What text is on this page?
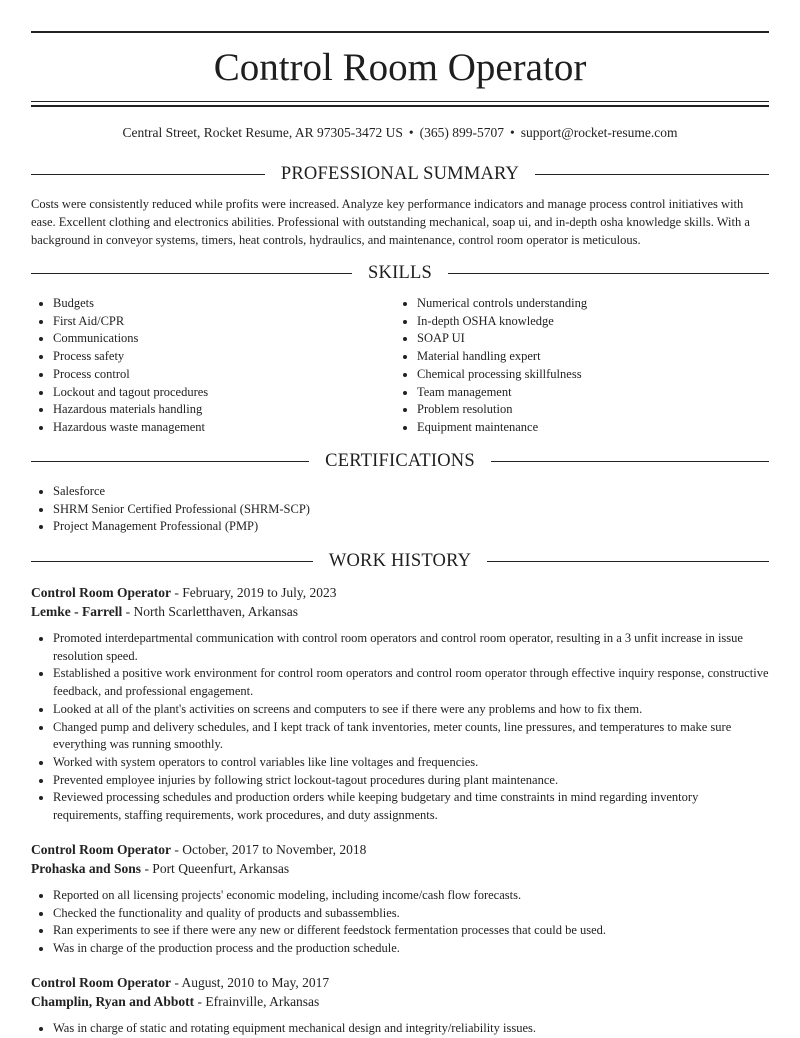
Control Room Operator
Central Street, Rocket Resume, AR 97305-3472 US • (365) 899-5707 • support@rocket-resume.com
PROFESSIONAL SUMMARY
Costs were consistently reduced while profits were increased. Analyze key performance indicators and manage process control initiatives with ease. Excellent clothing and electronics abilities. Professional with outstanding mechanical, soap ui, and in-depth osha knowledge skills. With a background in conveyor systems, timers, heat controls, hydraulics, and maintenance, control room operator is meticulous.
SKILLS
• Budgets
• First Aid/CPR
• Communications
• Process safety
• Process control
• Lockout and tagout procedures
• Hazardous materials handling
• Hazardous waste management
• Numerical controls understanding
• In-depth OSHA knowledge
• SOAP UI
• Material handling expert
• Chemical processing skillfulness
• Team management
• Problem resolution
• Equipment maintenance
CERTIFICATIONS
• Salesforce
• SHRM Senior Certified Professional (SHRM-SCP)
• Project Management Professional (PMP)
WORK HISTORY
Control Room Operator - February, 2019 to July, 2023
Lemke - Farrell - North Scarletthaven, Arkansas
• Promoted interdepartmental communication with control room operators and control room operator, resulting in a 3 unfit increase in issue resolution speed.
• Established a positive work environment for control room operators and control room operator through effective inquiry response, constructive feedback, and professional engagement.
• Looked at all of the plant's activities on screens and computers to see if there were any problems and how to fix them.
• Changed pump and delivery schedules, and I kept track of tank inventories, meter counts, line pressures, and temperatures to make sure everything was running smoothly.
• Worked with system operators to control variables like line voltages and frequencies.
• Prevented employee injuries by following strict lockout-tagout procedures during plant maintenance.
• Reviewed processing schedules and production orders while keeping budgetary and time constraints in mind regarding inventory requirements, staffing requirements, work procedures, and duty assignments.
Control Room Operator - October, 2017 to November, 2018
Prohaska and Sons - Port Queenfurt, Arkansas
• Reported on all licensing projects' economic modeling, including income/cash flow forecasts.
• Checked the functionality and quality of products and subassemblies.
• Ran experiments to see if there were any new or different feedstock fermentation processes that could be used.
• Was in charge of the production process and the production schedule.
Control Room Operator - August, 2010 to May, 2017
Champlin, Ryan and Abbott - Efrainville, Arkansas
• Was in charge of static and rotating equipment mechanical design and integrity/reliability issues.
